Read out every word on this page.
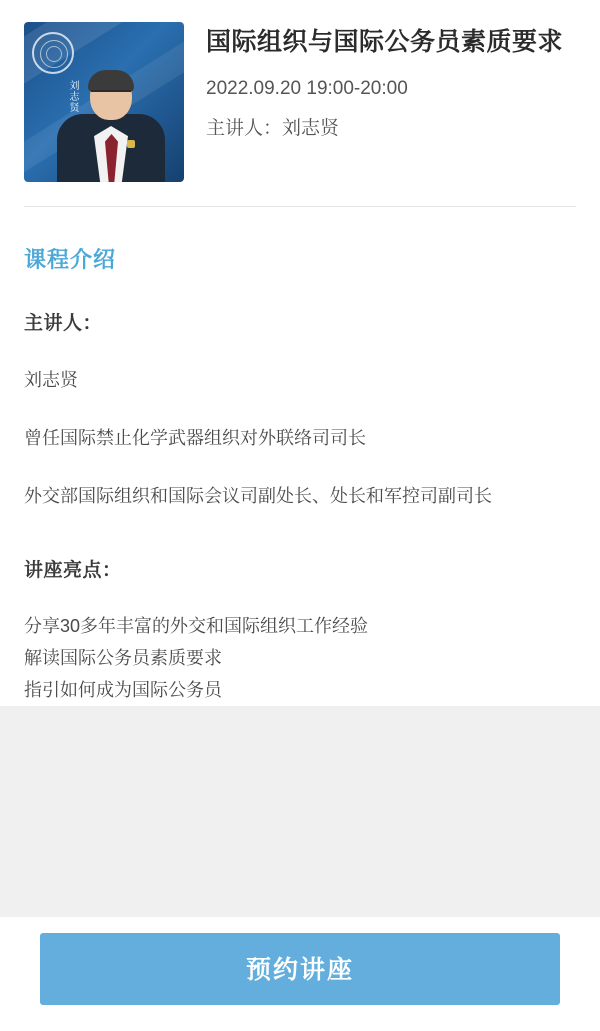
刘志贤
国际组织与国际公务员素质要求
2022.09.20 19:00-20:00
主讲人：刘志贤
课程介绍
主讲人：
刘志贤
曾任国际禁止化学武器组织对外联络司司长
外交部国际组织和国际会议司副处长、处长和军控司副司长
讲座亮点：
分享30多年丰富的外交和国际组织工作经验
解读国际公务员素质要求
指引如何成为国际公务员
预约讲座
